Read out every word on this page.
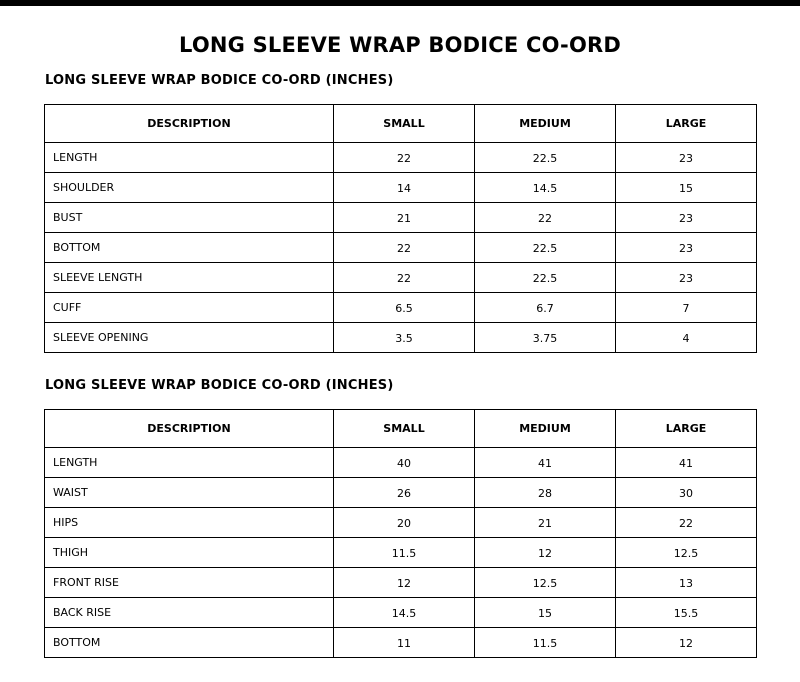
LONG SLEEVE WRAP BODICE CO-ORD
LONG SLEEVE WRAP BODICE CO-ORD (INCHES)
DESCRIPTION	SMALL	MEDIUM	LARGE
LENGTH	22	22.5	23
SHOULDER	14	14.5	15
BUST	21	22	23
BOTTOM	22	22.5	23
SLEEVE LENGTH	22	22.5	23
CUFF	6.5	6.7	7
SLEEVE OPENING	3.5	3.75	4
LONG SLEEVE WRAP BODICE CO-ORD (INCHES)
DESCRIPTION	SMALL	MEDIUM	LARGE
LENGTH	40	41	41
WAIST	26	28	30
HIPS	20	21	22
THIGH	11.5	12	12.5
FRONT RISE	12	12.5	13
BACK RISE	14.5	15	15.5
BOTTOM	11	11.5	12
